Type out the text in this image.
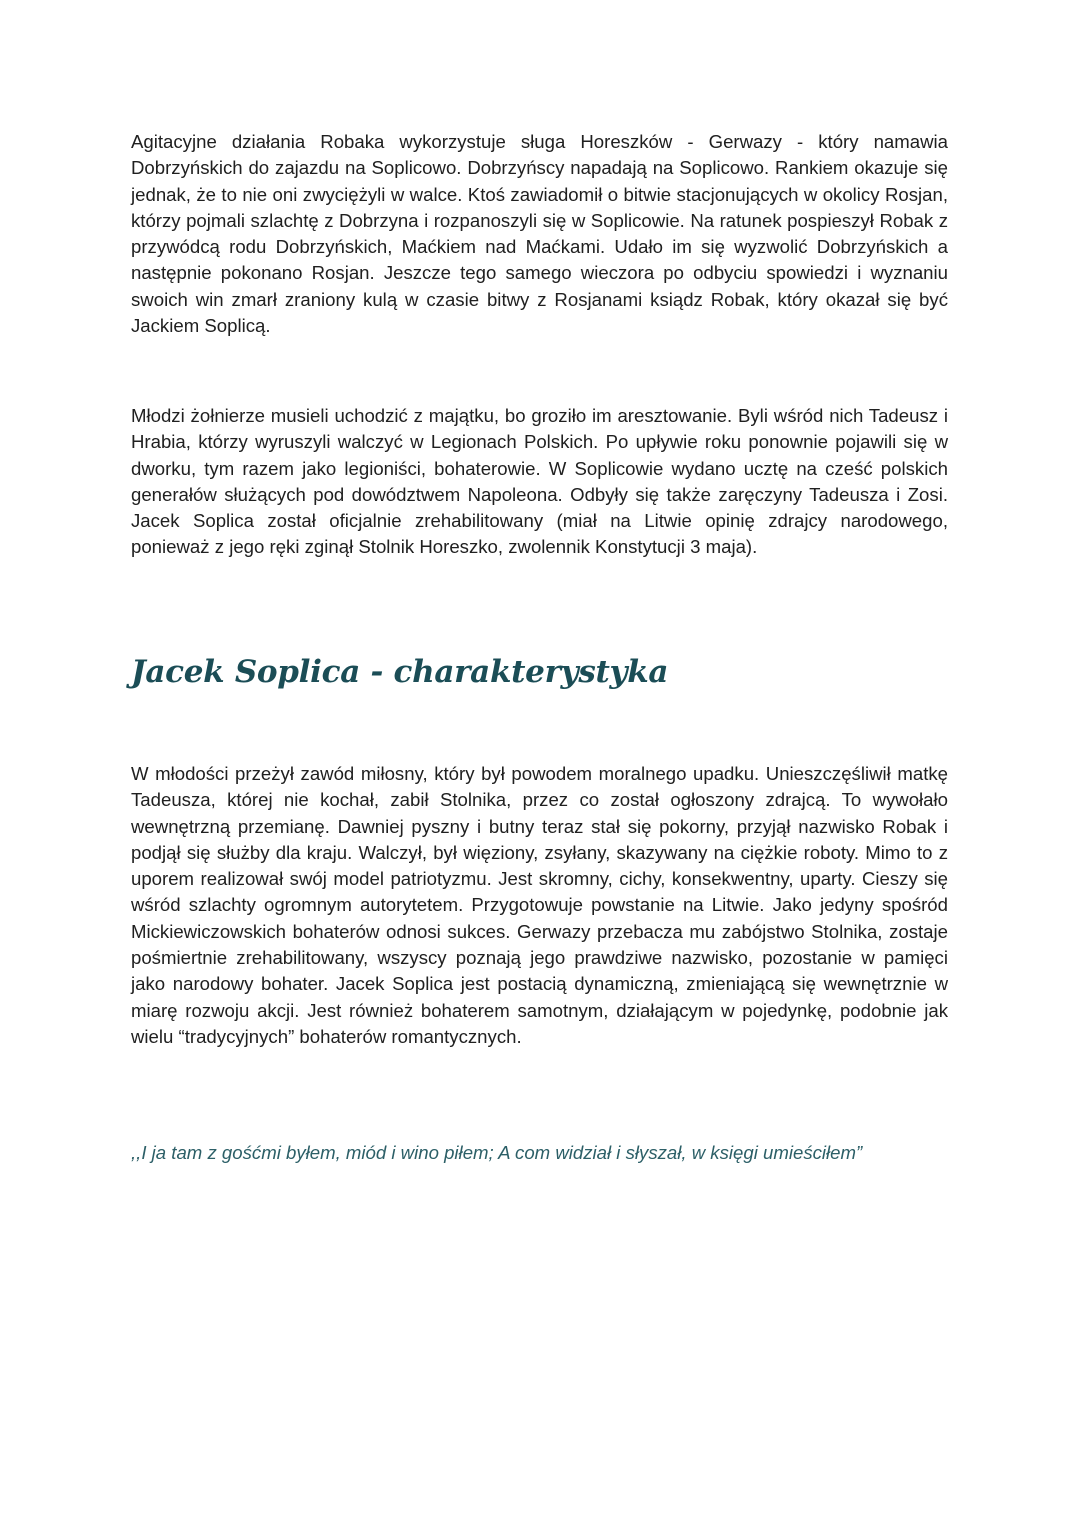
Agitacyjne działania Robaka wykorzystuje sługa Horeszków - Gerwazy - który namawia Dobrzyńskich do zajazdu na Soplicowo. Dobrzyńscy napadają na Soplicowo. Rankiem okazuje się jednak, że to nie oni zwyciężyli w walce. Ktoś zawiadomił o bitwie stacjonujących w okolicy Rosjan, którzy pojmali szlachtę z Dobrzyna i rozpanoszyli się w Soplicowie. Na ratunek pospieszył Robak z przywódcą rodu Dobrzyńskich, Maćkiem nad Maćkami. Udało im się wyzwolić Dobrzyńskich a następnie pokonano Rosjan. Jeszcze tego samego wieczora po odbyciu spowiedzi i wyznaniu swoich win zmarł zraniony kulą w czasie bitwy z Rosjanami ksiądz Robak, który okazał się być Jackiem Soplicą.

Młodzi żołnierze musieli uchodzić z majątku, bo groziło im aresztowanie. Byli wśród nich Tadeusz i Hrabia, którzy wyruszyli walczyć w Legionach Polskich. Po upływie roku ponownie pojawili się w dworku, tym razem jako legioniści, bohaterowie. W Soplicowie wydano ucztę na cześć polskich generałów służących pod dowództwem Napoleona. Odbyły się także zaręczyny Tadeusza i Zosi. Jacek Soplica został oficjalnie zrehabilitowany (miał na Litwie opinię zdrajcy narodowego, ponieważ z jego ręki zginął Stolnik Horeszko, zwolennik Konstytucji 3 maja).

Jacek Soplica - charakterystyka

W młodości przeżył zawód miłosny, który był powodem moralnego upadku. Unieszczęśliwił matkę Tadeusza, której nie kochał, zabił Stolnika, przez co został ogłoszony zdrajcą. To wywołało wewnętrzną przemianę. Dawniej pyszny i butny teraz stał się pokorny, przyjął nazwisko Robak i podjął się służby dla kraju. Walczył, był więziony, zsyłany, skazywany na ciężkie roboty. Mimo to z uporem realizował swój model patriotyzmu. Jest skromny, cichy, konsekwentny, uparty. Cieszy się wśród szlachty ogromnym autorytetem. Przygotowuje powstanie na Litwie. Jako jedyny spośród Mickiewiczowskich bohaterów odnosi sukces. Gerwazy przebacza mu zabójstwo Stolnika, zostaje pośmiertnie zrehabilitowany, wszyscy poznają jego prawdziwe nazwisko, pozostanie w pamięci jako narodowy bohater. Jacek Soplica jest postacią dynamiczną, zmieniającą się wewnętrznie w miarę rozwoju akcji. Jest również bohaterem samotnym, działającym w pojedynkę, podobnie jak wielu “tradycyjnych” bohaterów romantycznych.

,,I ja tam z gośćmi byłem, miód i wino piłem; A com widział i słyszał, w księgi umieściłem”
